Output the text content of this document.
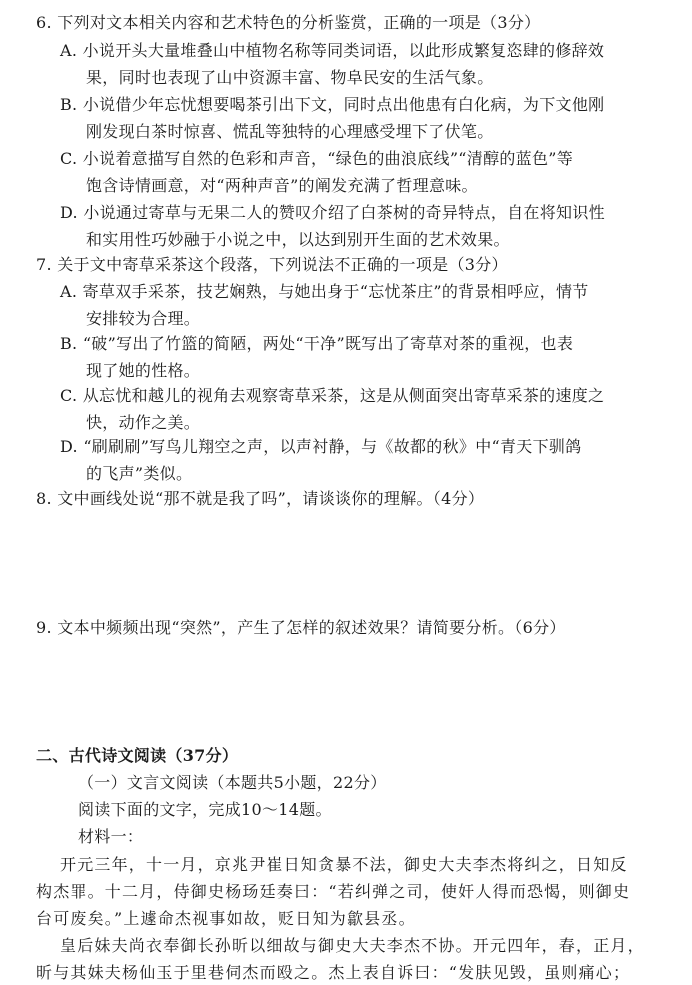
6. 下列对文本相关内容和艺术特色的分析鉴赏，正确的一项是（3分）
A. 小说开头大量堆叠山中植物名称等同类词语，以此形成繁复恣肆的修辞效
果，同时也表现了山中资源丰富、物阜民安的生活气象。
B. 小说借少年忘忧想要喝茶引出下文，同时点出他患有白化病，为下文他刚
刚发现白茶时惊喜、慌乱等独特的心理感受埋下了伏笔。
C. 小说着意描写自然的色彩和声音，“绿色的曲浪底线”“清醇的蓝色”等
饱含诗情画意，对“两种声音”的阐发充满了哲理意味。
D. 小说通过寄草与无果二人的赞叹介绍了白茶树的奇异特点，自在将知识性
和实用性巧妙融于小说之中，以达到别开生面的艺术效果。
7. 关于文中寄草采茶这个段落，下列说法不正确的一项是（3分）
A. 寄草双手采茶，技艺娴熟，与她出身于“忘忧茶庄”的背景相呼应，情节
安排较为合理。
B. “破”写出了竹篮的简陋，两处“干净”既写出了寄草对茶的重视，也表
现了她的性格。
C. 从忘忧和越儿的视角去观察寄草采茶，这是从侧面突出寄草采茶的速度之
快，动作之美。
D. “刷刷刷”写鸟儿翔空之声，以声衬静，与《故都的秋》中“青天下驯鸽
的飞声”类似。
8. 文中画线处说“那不就是我了吗”，请谈谈你的理解。（4分）
9. 文本中频频出现“突然”，产生了怎样的叙述效果？请简要分析。（6分）
二、古代诗文阅读（37分）
（一）文言文阅读（本题共5小题，22分）
阅读下面的文字，完成10～14题。
材料一：
开元三年，十一月，京兆尹崔日知贪暴不法，御史大夫李杰将纠之，日知反
构杰罪。十二月，侍御史杨玚廷奏曰：“若纠弹之司，使奸人得而恐愒，则御史
台可废矣。”上遽命杰视事如故，贬日知为歙县丞。
皇后妹夫尚衣奉御长孙昕以细故与御史大夫李杰不协。开元四年，春，正月，
昕与其妹夫杨仙玉于里巷伺杰而殴之。杰上表自诉曰：“发肤见毁，虽则痛心；
